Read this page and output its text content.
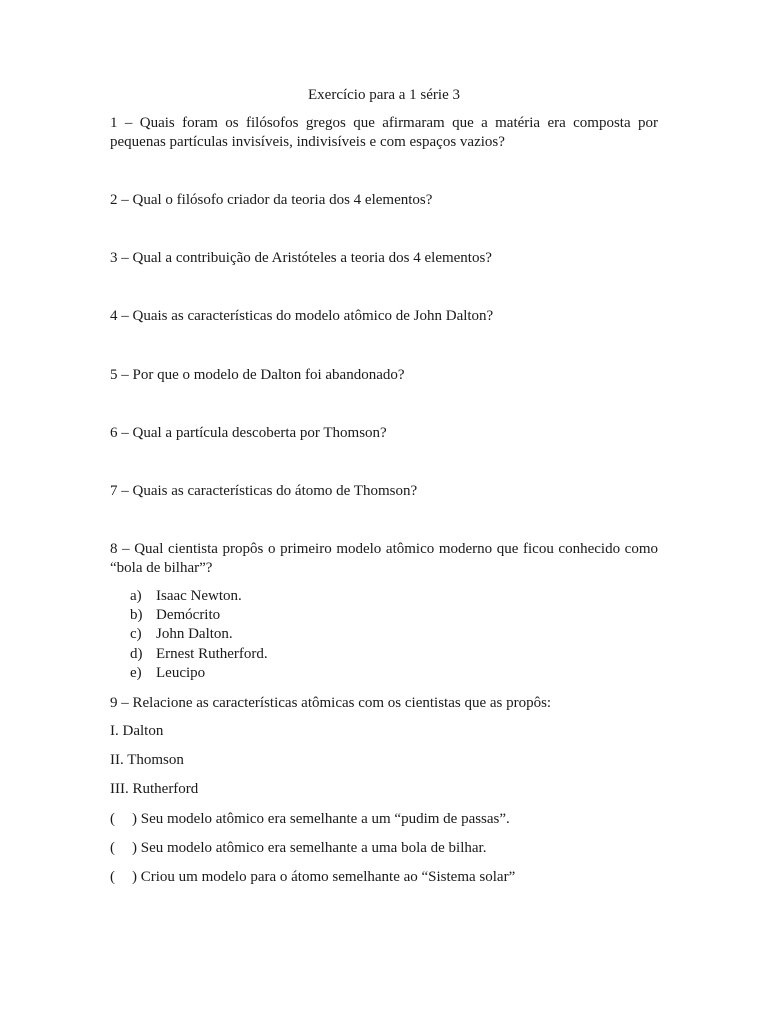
Exercício para a 1 série 3
1 – Quais foram os filósofos gregos que afirmaram que a matéria era composta por pequenas partículas invisíveis, indivisíveis e com espaços vazios?
2 – Qual o filósofo criador da teoria dos 4 elementos?
3 – Qual a contribuição de Aristóteles a teoria dos 4 elementos?
4 – Quais as características do modelo atômico de John Dalton?
5 – Por que o modelo de Dalton foi abandonado?
6 – Qual a partícula descoberta por Thomson?
7 – Quais as características do átomo de Thomson?
8 – Qual cientista propôs o primeiro modelo atômico moderno que ficou conhecido como “bola de bilhar”?
a) Isaac Newton.
b) Demócrito
c) John Dalton.
d) Ernest Rutherford.
e) Leucipo
9 – Relacione as características atômicas com os cientistas que as propôs:
I. Dalton
II. Thomson
III. Rutherford
( ) Seu modelo atômico era semelhante a um “pudim de passas”.
( ) Seu modelo atômico era semelhante a uma bola de bilhar.
( ) Criou um modelo para o átomo semelhante ao “Sistema solar”
